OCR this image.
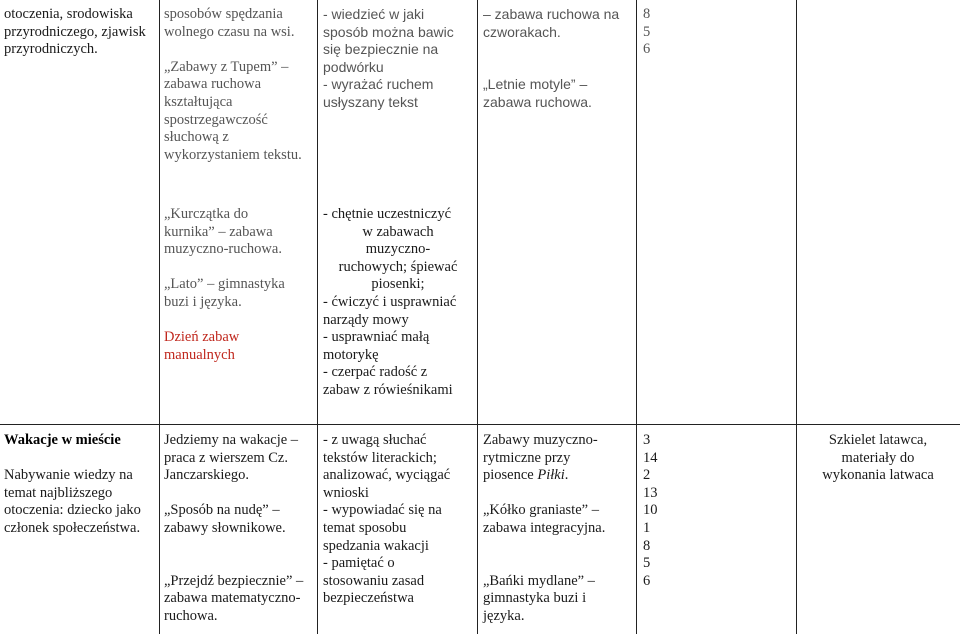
otoczenia, srodowiska
przyrodniczego, zjawisk
przyrodniczych.
sposobów spędzania
wolnego czasu na wsi.
„Zabawy z Tupem” –
zabawa ruchowa
kształtująca
spostrzegawczość
słuchową z
wykorzystaniem tekstu.
- wiedzieć w jaki
sposób można bawic
się bezpiecznie na
podwórku
- wyrażać ruchem
usłyszany tekst
– zabawa ruchowa na
czworakach.
„Letnie motyle” –
zabawa ruchowa.
8
5
6
„Kurczątka do
kurnika” – zabawa
muzyczno-ruchowa.
„Lato” – gimnastyka
buzi i języka.
Dzień zabaw
manualnych
- chętnie uczestniczyć
w zabawach
muzyczno-
ruchowych; śpiewać
piosenki;
- ćwiczyć i usprawniać
narządy mowy
- usprawniać małą
motorykę
- czerpać radość z
zabaw z rówieśnikami
Wakacje w mieście
Nabywanie wiedzy na
temat najbliższego
otoczenia: dziecko jako
członek społeczeństwa.
Jedziemy na wakacje –
praca z wierszem Cz.
Janczarskiego.
„Sposób na nudę” –
zabawy słownikowe.
„Przejdź bezpiecznie” –
zabawa matematyczno-
ruchowa.
- z uwagą słuchać
tekstów literackich;
analizować, wyciągać
wnioski
- wypowiadać się na
temat sposobu
spedzania wakacji
- pamiętać o
stosowaniu zasad
bezpieczeństwa
Zabawy muzyczno-
rytmiczne przy
piosence Piłki.
„Kółko graniaste” –
zabawa integracyjna.
„Bańki mydlane” –
gimnastyka buzi i
języka.
3
14
2
13
10
1
8
5
6
Szkielet latawca,
materiały do
wykonania latwaca
